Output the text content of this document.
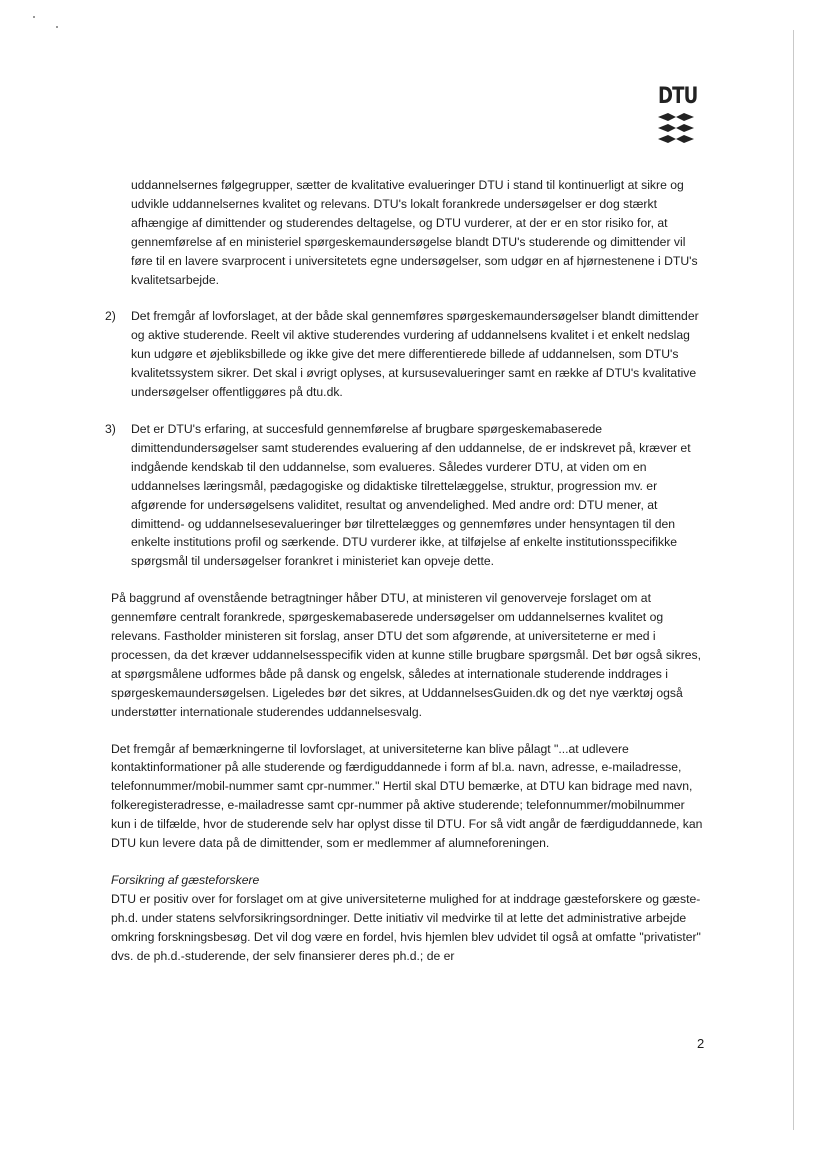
DTU

uddannelsernes følgegrupper, sætter de kvalitative evalueringer DTU i stand til kontinuerligt at sikre og udvikle uddannelsernes kvalitet og relevans. DTU's lokalt forankrede undersøgelser er dog stærkt afhængige af dimittender og studerendes deltagelse, og DTU vurderer, at der er en stor risiko for, at gennemførelse af en ministeriel spørgeskemaundersøgelse blandt DTU's studerende og dimittender vil føre til en lavere svarprocent i universitetets egne undersøgelser, som udgør en af hjørnestenene i DTU's kvalitetsarbejde.

2) Det fremgår af lovforslaget, at der både skal gennemføres spørgeskemaundersøgelser blandt dimittender og aktive studerende. Reelt vil aktive studerendes vurdering af uddannelsens kvalitet i et enkelt nedslag kun udgøre et øjebliksbillede og ikke give det mere differentierede billede af uddannelsen, som DTU's kvalitetssystem sikrer. Det skal i øvrigt oplyses, at kursusevalueringer samt en række af DTU's kvalitative undersøgelser offentliggøres på dtu.dk.

3) Det er DTU's erfaring, at succesfuld gennemførelse af brugbare spørgeskemabaserede dimittendundersøgelser samt studerendes evaluering af den uddannelse, de er indskrevet på, kræver et indgående kendskab til den uddannelse, som evalueres. Således vurderer DTU, at viden om en uddannelses læringsmål, pædagogiske og didaktiske tilrettelæggelse, struktur, progression mv. er afgørende for undersøgelsens validitet, resultat og anvendelighed. Med andre ord: DTU mener, at dimittend- og uddannelsesevalueringer bør tilrettelægges og gennemføres under hensyntagen til den enkelte institutions profil og særkende. DTU vurderer ikke, at tilføjelse af enkelte institutionsspecifikke spørgsmål til undersøgelser forankret i ministeriet kan opveje dette.

På baggrund af ovenstående betragtninger håber DTU, at ministeren vil genoverveje forslaget om at gennemføre centralt forankrede, spørgeskemabaserede undersøgelser om uddannelsernes kvalitet og relevans. Fastholder ministeren sit forslag, anser DTU det som afgørende, at universiteterne er med i processen, da det kræver uddannelsesspecifik viden at kunne stille brugbare spørgsmål. Det bør også sikres, at spørgsmålene udformes både på dansk og engelsk, således at internationale studerende inddrages i spørgeskemaundersøgelsen. Ligeledes bør det sikres, at UddannelsesGuiden.dk og det nye værktøj også understøtter internationale studerendes uddannelsesvalg.

Det fremgår af bemærkningerne til lovforslaget, at universiteterne kan blive pålagt "...at udlevere kontaktinformationer på alle studerende og færdiguddannede i form af bl.a. navn, adresse, e-mailadresse, telefonnummer/mobil-nummer samt cpr-nummer." Hertil skal DTU bemærke, at DTU kan bidrage med navn, folkeregisteradresse, e-mailadresse samt cpr-nummer på aktive studerende; telefonnummer/mobilnummer kun i de tilfælde, hvor de studerende selv har oplyst disse til DTU. For så vidt angår de færdiguddannede, kan DTU kun levere data på de dimittender, som er medlemmer af alumneforeningen.

Forsikring af gæsteforskere

DTU er positiv over for forslaget om at give universiteterne mulighed for at inddrage gæsteforskere og gæste-ph.d. under statens selvforsikringsordninger. Dette initiativ vil medvirke til at lette det administrative arbejde omkring forskningsbesøg. Det vil dog være en fordel, hvis hjemlen blev udvidet til også at omfatte "privatister" dvs. de ph.d.-studerende, der selv finansierer deres ph.d.; de er

2
